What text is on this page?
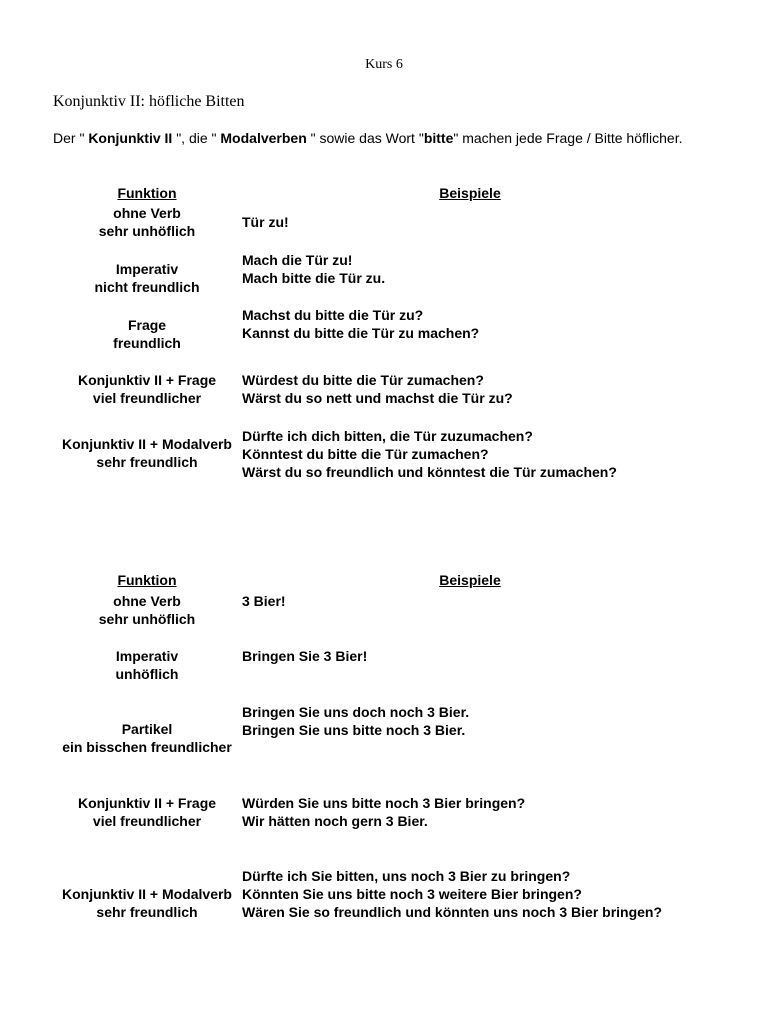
Kurs 6
Konjunktiv II: höfliche Bitten
Der " Konjunktiv II ", die " Modalverben " sowie das Wort "bitte" machen jede Frage / Bitte höflicher.
Funktion	Beispiele
ohne Verb
sehr unhöflich
Tür zu!
Imperativ
nicht freundlich
Mach die Tür zu!
Mach bitte die Tür zu.
Frage
freundlich
Machst du bitte die Tür zu?
Kannst du bitte die Tür zu machen?
Konjunktiv II + Frage
viel freundlicher
Würdest du bitte die Tür zumachen?
Wärst du so nett und machst die Tür zu?
Konjunktiv II + Modalverb
sehr freundlich
Dürfte ich dich bitten, die Tür zuzumachen?
Könntest du bitte die Tür zumachen?
Wärst du so freundlich und könntest die Tür zumachen?
Funktion	Beispiele
ohne Verb
sehr unhöflich
3 Bier!
Imperativ
unhöflich
Bringen Sie 3 Bier!
Partikel
ein bisschen freundlicher
Bringen Sie uns doch noch 3 Bier.
Bringen Sie uns bitte noch 3 Bier.
Konjunktiv II + Frage
viel freundlicher
Würden Sie uns bitte noch 3 Bier bringen?
Wir hätten noch gern 3 Bier.
Konjunktiv II + Modalverb
sehr freundlich
Dürfte ich Sie bitten, uns noch 3 Bier zu bringen?
Könnten Sie uns bitte noch 3 weitere Bier bringen?
Wären Sie so freundlich und könnten uns noch 3 Bier bringen?
